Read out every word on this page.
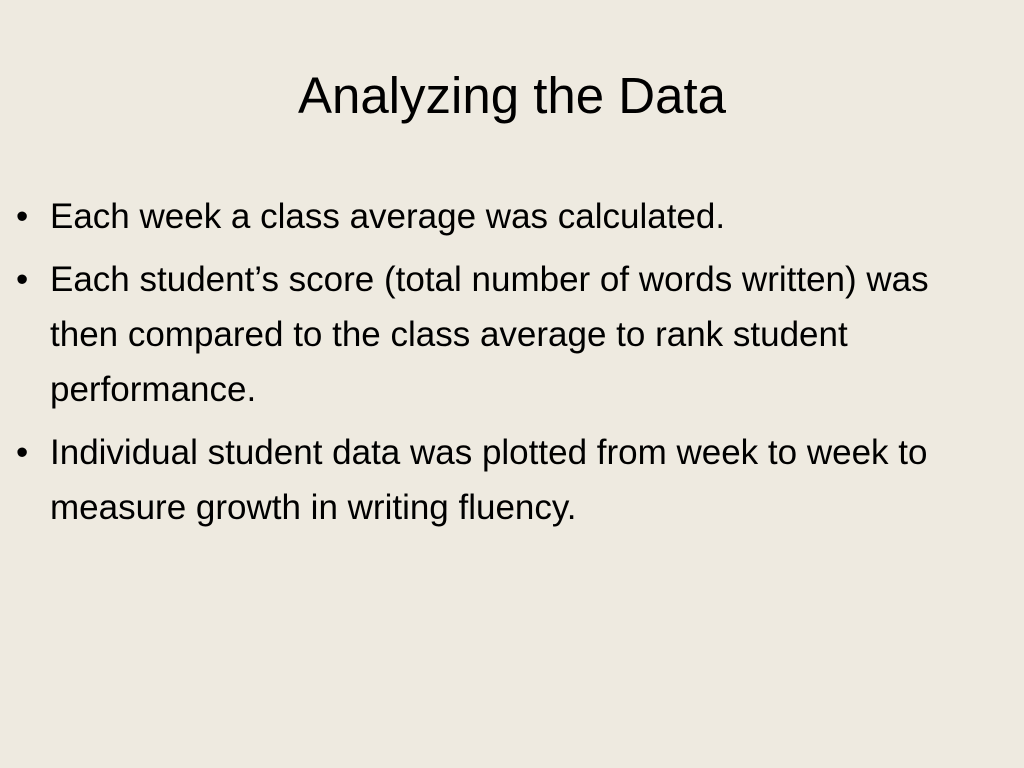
Analyzing the Data
• Each week a class average was calculated.
• Each student’s score (total number of words written) was then compared to the class average to rank student performance.
• Individual student data was plotted from week to week to measure growth in writing fluency.
